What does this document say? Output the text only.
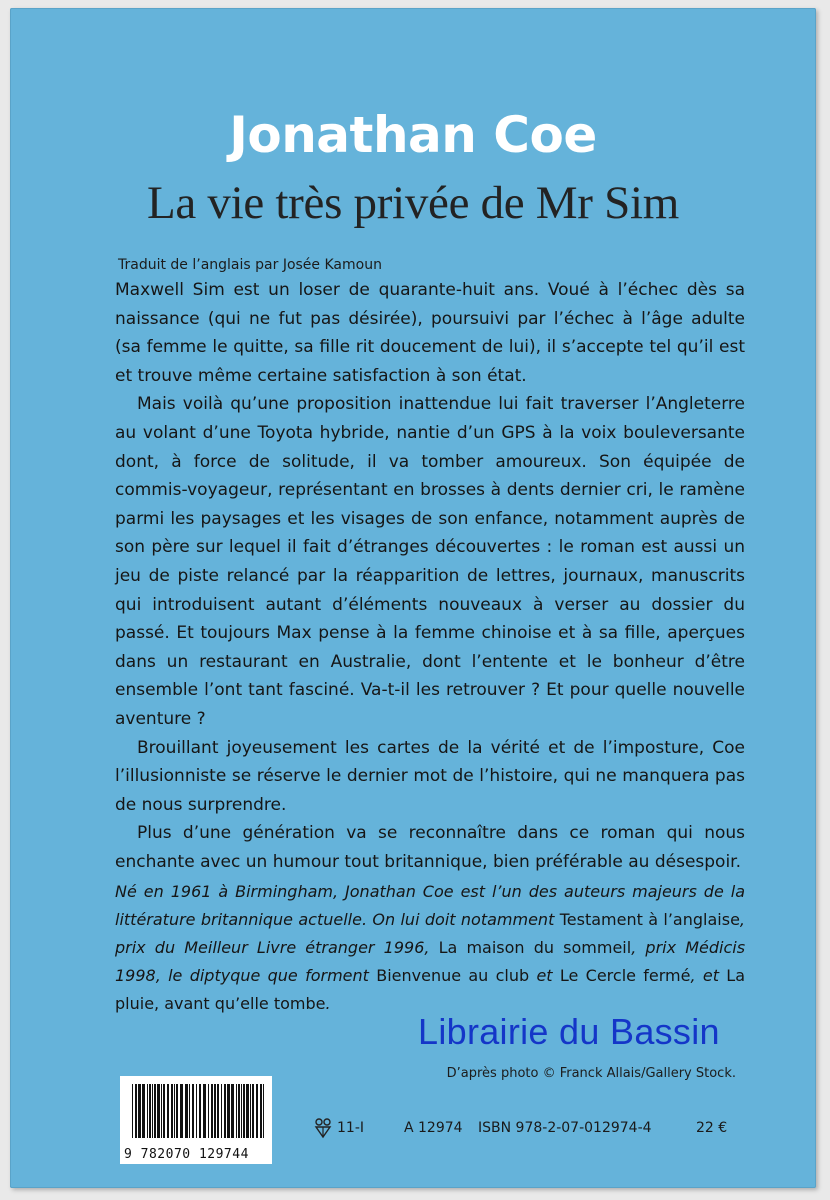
Jonathan Coe
La vie très privée de Mr Sim
Traduit de l’anglais par Josée Kamoun

Maxwell Sim est un loser de quarante-huit ans. Voué à l’échec dès sa naissance (qui ne fut pas désirée), poursuivi par l’échec à l’âge adulte (sa femme le quitte, sa fille rit doucement de lui), il s’accepte tel qu’il est et trouve même certaine satisfaction à son état.

Mais voilà qu’une proposition inattendue lui fait traverser l’Angleterre au volant d’une Toyota hybride, nantie d’un GPS à la voix bouleversante dont, à force de solitude, il va tomber amoureux. Son équipée de commis-voyageur, représentant en brosses à dents dernier cri, le ramène parmi les paysages et les visages de son enfance, notamment auprès de son père sur lequel il fait d’étranges découvertes : le roman est aussi un jeu de piste relancé par la réapparition de lettres, journaux, manuscrits qui introduisent autant d’éléments nouveaux à verser au dossier du passé. Et toujours Max pense à la femme chinoise et à sa fille, aperçues dans un restaurant en Australie, dont l’entente et le bonheur d’être ensemble l’ont tant fasciné. Va-t-il les retrouver ? Et pour quelle nouvelle aventure ?

Brouillant joyeusement les cartes de la vérité et de l’imposture, Coe l’illusionniste se réserve le dernier mot de l’histoire, qui ne manquera pas de nous surprendre.

Plus d’une génération va se reconnaître dans ce roman qui nous enchante avec un humour tout britannique, bien préférable au désespoir.

Né en 1961 à Birmingham, Jonathan Coe est l’un des auteurs majeurs de la littérature britannique actuelle. On lui doit notamment Testament à l’anglaise, prix du Meilleur Livre étranger 1996, La maison du sommeil, prix Médicis 1998, le diptyque que forment Bienvenue au club et Le Cercle fermé, et La pluie, avant qu’elle tombe.

Librairie du Bassin
D’après photo © Franck Allais/Gallery Stock.
9 782070 129744
11-I	A 12974 ISBN 978-2-07-012974-4	22 €
